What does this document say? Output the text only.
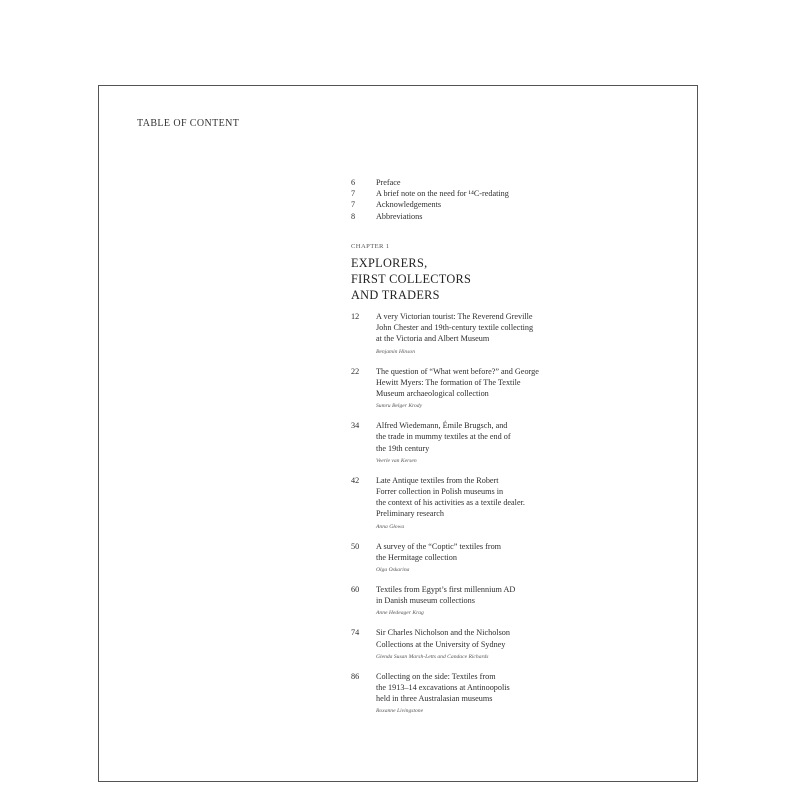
TABLE OF CONTENT
6	Preface
7	A brief note on the need for ¹⁴C-redating
7	Acknowledgements
8	Abbreviations
CHAPTER 1
EXPLORERS,
FIRST COLLECTORS
AND TRADERS
12	A very Victorian tourist: The Reverend Greville
John Chester and 19th-century textile collecting
at the Victoria and Albert Museum
Benjamin Hinson
22	The question of “What went before?” and George
Hewitt Myers: The formation of The Textile
Museum archaeological collection
Sumru Belger Krody
34	Alfred Wiedemann, Émile Brugsch, and
the trade in mummy textiles at the end of
the 19th century
Veerle van Kersen
42	Late Antique textiles from the Robert
Forrer collection in Polish museums in
the context of his activities as a textile dealer.
Preliminary research
Anna Głowa
50	A survey of the “Coptic” textiles from
the Hermitage collection
Olga Oskarina
60	Textiles from Egypt’s first millennium AD
in Danish museum collections
Anne Hedeager Krag
74	Sir Charles Nicholson and the Nicholson
Collections at the University of Sydney
Glenda Susan Marsh-Letts and Candace Richards
86	Collecting on the side: Textiles from
the 1913–14 excavations at Antinoopolis
held in three Australasian museums
Roxanne Livingstone
